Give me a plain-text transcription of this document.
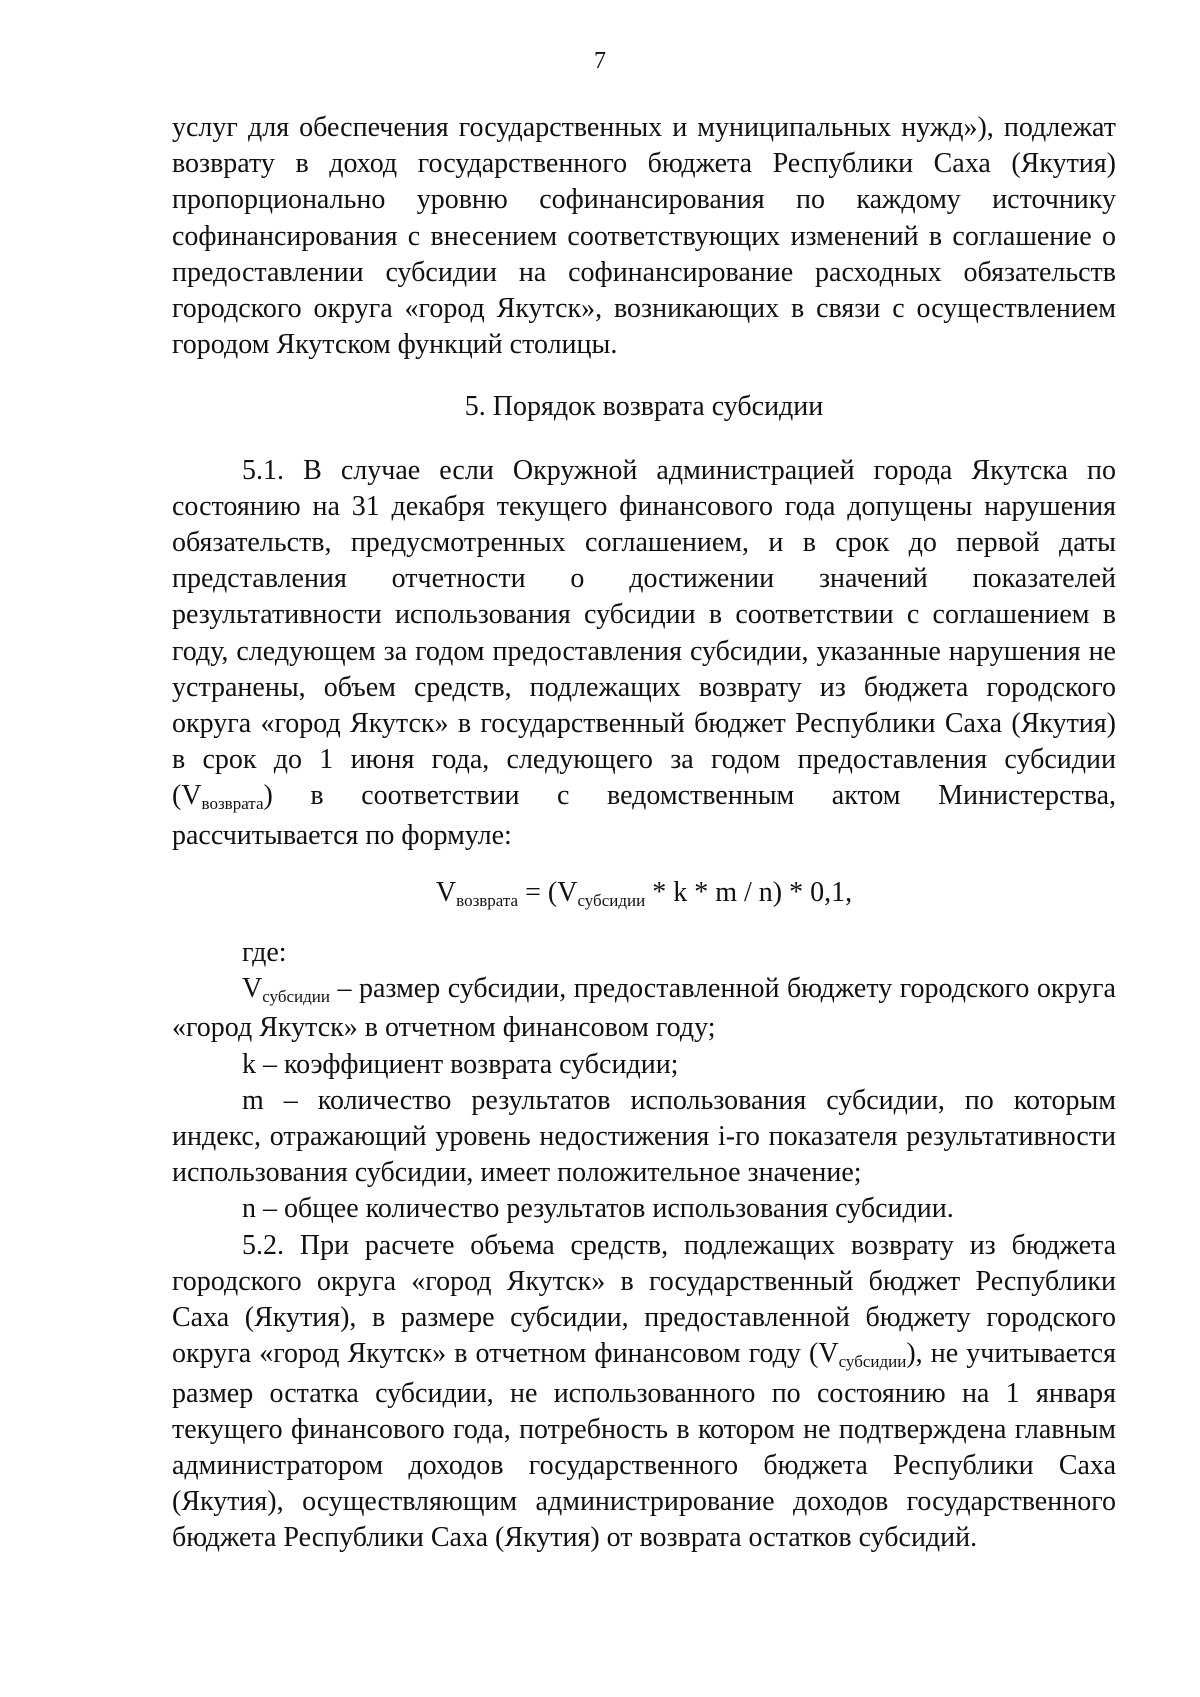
7

услуг для обеспечения государственных и муниципальных нужд»), подлежат возврату в доход государственного бюджета Республики Саха (Якутия) пропорционально уровню софинансирования по каждому источнику софинансирования с внесением соответствующих изменений в соглашение о предоставлении субсидии на софинансирование расходных обязательств городского округа «город Якутск», возникающих в связи с осуществлением городом Якутском функций столицы.

5. Порядок возврата субсидии

5.1. В случае если Окружной администрацией города Якутска по состоянию на 31 декабря текущего финансового года допущены нарушения обязательств, предусмотренных соглашением, и в срок до первой даты представления отчетности о достижении значений показателей результативности использования субсидии в соответствии с соглашением в году, следующем за годом предоставления субсидии, указанные нарушения не устранены, объем средств, подлежащих возврату из бюджета городского округа «город Якутск» в государственный бюджет Республики Саха (Якутия) в срок до 1 июня года, следующего за годом предоставления субсидии (Vвозврата) в соответствии с ведомственным актом Министерства, рассчитывается по формуле:

Vвозврата = (Vсубсидии * k * m / n) * 0,1,

где:

Vсубсидии – размер субсидии, предоставленной бюджету городского округа «город Якутск» в отчетном финансовом году;

k – коэффициент возврата субсидии;

m – количество результатов использования субсидии, по которым индекс, отражающий уровень недостижения i-го показателя результативности использования субсидии, имеет положительное значение;

n – общее количество результатов использования субсидии.

5.2. При расчете объема средств, подлежащих возврату из бюджета городского округа «город Якутск» в государственный бюджет Республики Саха (Якутия), в размере субсидии, предоставленной бюджету городского округа «город Якутск» в отчетном финансовом году (Vсубсидии), не учитывается размер остатка субсидии, не использованного по состоянию на 1 января текущего финансового года, потребность в котором не подтверждена главным администратором доходов государственного бюджета Республики Саха (Якутия), осуществляющим администрирование доходов государственного бюджета Республики Саха (Якутия) от возврата остатков субсидий.
